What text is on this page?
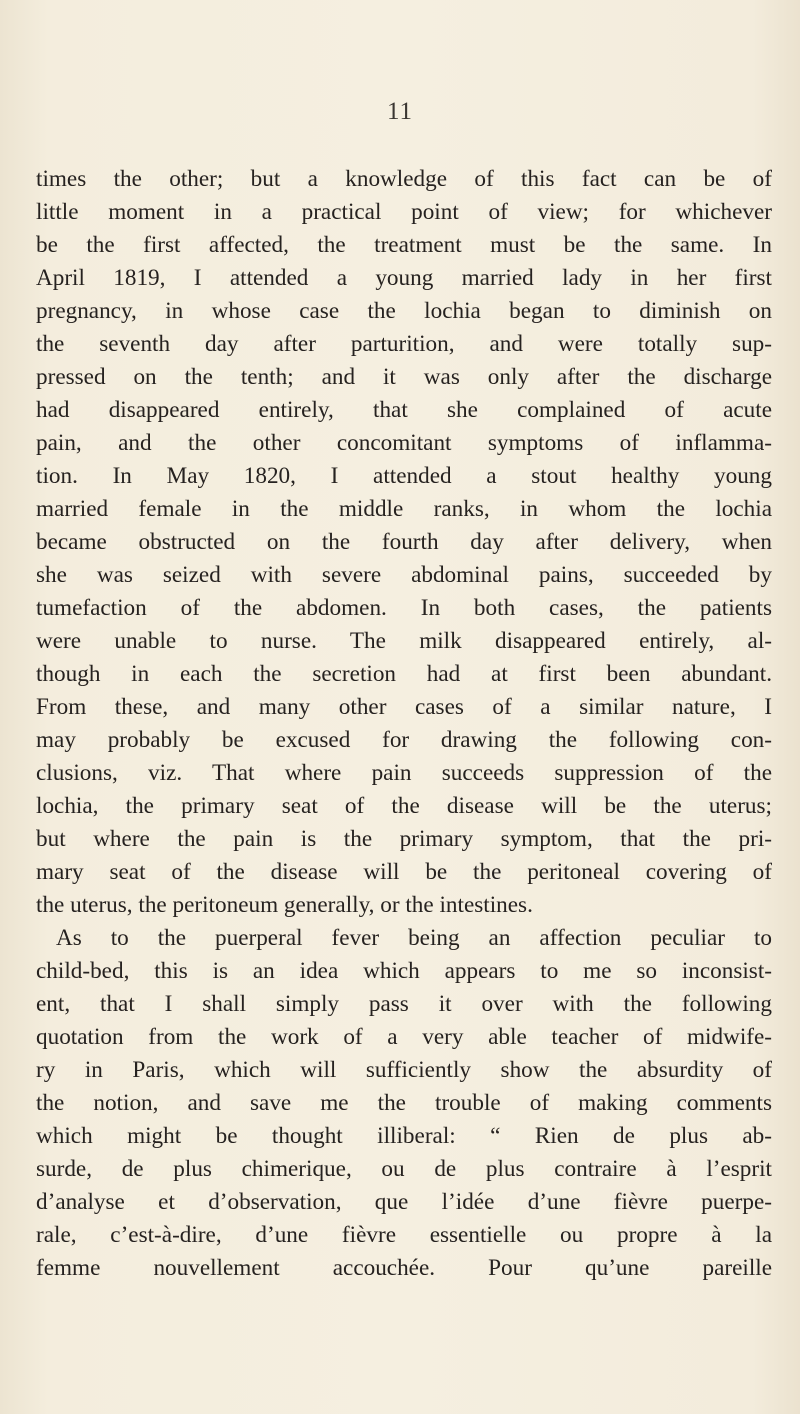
11
times the other; but a knowledge of this fact can be of
little moment in a practical point of view; for whichever
be the first affected, the treatment must be the same. In
April 1819, I attended a young married lady in her first
pregnancy, in whose case the lochia began to diminish on
the seventh day after parturition, and were totally sup-
pressed on the tenth; and it was only after the discharge
had disappeared entirely, that she complained of acute
pain, and the other concomitant symptoms of inflamma-
tion. In May 1820, I attended a stout healthy young
married female in the middle ranks, in whom the lochia
became obstructed on the fourth day after delivery, when
she was seized with severe abdominal pains, succeeded by
tumefaction of the abdomen. In both cases, the patients
were unable to nurse. The milk disappeared entirely, al-
though in each the secretion had at first been abundant.
From these, and many other cases of a similar nature, I
may probably be excused for drawing the following con-
clusions, viz. That where pain succeeds suppression of the
lochia, the primary seat of the disease will be the uterus;
but where the pain is the primary symptom, that the pri-
mary seat of the disease will be the peritoneal covering of
the uterus, the peritoneum generally, or the intestines.
As to the puerperal fever being an affection peculiar to
child-bed, this is an idea which appears to me so inconsist-
ent, that I shall simply pass it over with the following
quotation from the work of a very able teacher of midwife-
ry in Paris, which will sufficiently show the absurdity of
the notion, and save me the trouble of making comments
which might be thought illiberal: “ Rien de plus ab-
surde, de plus chimerique, ou de plus contraire à l’esprit
d’analyse et d’observation, que l’idée d’une fièvre puerpe-
rale, c’est-à-dire, d’une fièvre essentielle ou propre à la
femme nouvellement accouchée. Pour qu’une pareille
